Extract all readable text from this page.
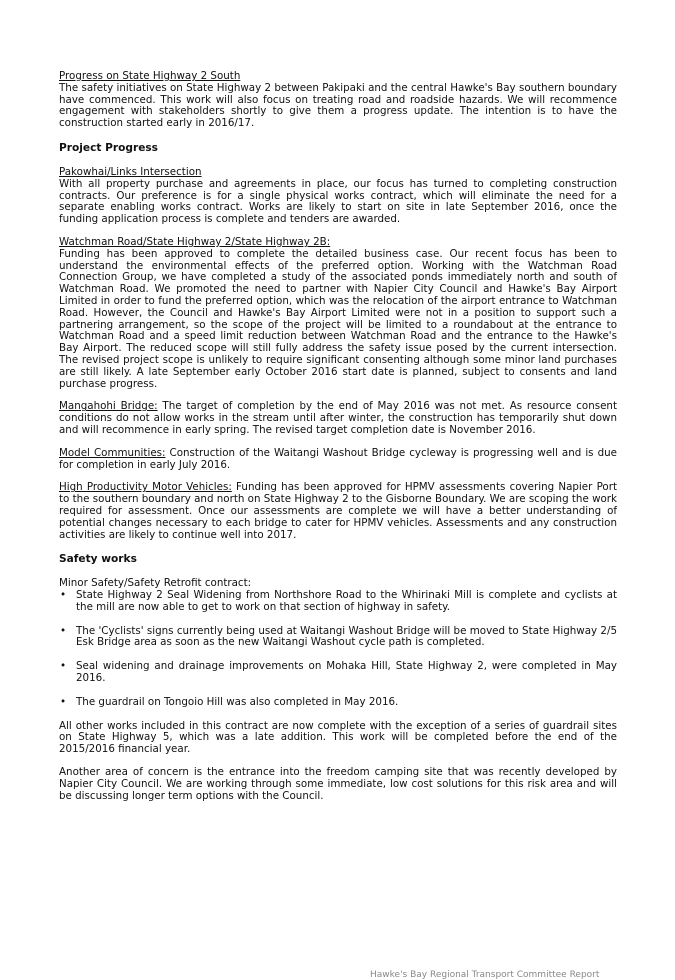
Progress on State Highway 2 South
The safety initiatives on State Highway 2 between Pakipaki and the central Hawke's Bay southern boundary have commenced. This work will also focus on treating road and roadside hazards. We will recommence engagement with stakeholders shortly to give them a progress update. The intention is to have the construction started early in 2016/17.

Project Progress

Pakowhai/Links Intersection
With all property purchase and agreements in place, our focus has turned to completing construction contracts. Our preference is for a single physical works contract, which will eliminate the need for a separate enabling works contract. Works are likely to start on site in late September 2016, once the funding application process is complete and tenders are awarded.

Watchman Road/State Highway 2/State Highway 2B:
Funding has been approved to complete the detailed business case. Our recent focus has been to understand the environmental effects of the preferred option. Working with the Watchman Road Connection Group, we have completed a study of the associated ponds immediately north and south of Watchman Road. We promoted the need to partner with Napier City Council and Hawke's Bay Airport Limited in order to fund the preferred option, which was the relocation of the airport entrance to Watchman Road. However, the Council and Hawke's Bay Airport Limited were not in a position to support such a partnering arrangement, so the scope of the project will be limited to a roundabout at the entrance to Watchman Road and a speed limit reduction between Watchman Road and the entrance to the Hawke's Bay Airport. The reduced scope will still fully address the safety issue posed by the current intersection. The revised project scope is unlikely to require significant consenting although some minor land purchases are still likely. A late September early October 2016 start date is planned, subject to consents and land purchase progress.

Mangahohi Bridge: The target of completion by the end of May 2016 was not met. As resource consent conditions do not allow works in the stream until after winter, the construction has temporarily shut down and will recommence in early spring. The revised target completion date is November 2016.

Model Communities: Construction of the Waitangi Washout Bridge cycleway is progressing well and is due for completion in early July 2016.

High Productivity Motor Vehicles: Funding has been approved for HPMV assessments covering Napier Port to the southern boundary and north on State Highway 2 to the Gisborne Boundary. We are scoping the work required for assessment. Once our assessments are complete we will have a better understanding of potential changes necessary to each bridge to cater for HPMV vehicles. Assessments and any construction activities are likely to continue well into 2017.

Safety works

Minor Safety/Safety Retrofit contract:

• State Highway 2 Seal Widening from Northshore Road to the Whirinaki Mill is complete and cyclists at the mill are now able to get to work on that section of highway in safety.
• The 'Cyclists' signs currently being used at Waitangi Washout Bridge will be moved to State Highway 2/5 Esk Bridge area as soon as the new Waitangi Washout cycle path is completed.
• Seal widening and drainage improvements on Mohaka Hill, State Highway 2, were completed in May 2016.
• The guardrail on Tongoio Hill was also completed in May 2016.

All other works included in this contract are now complete with the exception of a series of guardrail sites on State Highway 5, which was a late addition. This work will be completed before the end of the 2015/2016 financial year.

Another area of concern is the entrance into the freedom camping site that was recently developed by Napier City Council. We are working through some immediate, low cost solutions for this risk area and will be discussing longer term options with the Council.

Hawke's Bay Regional Transport Committee Report
